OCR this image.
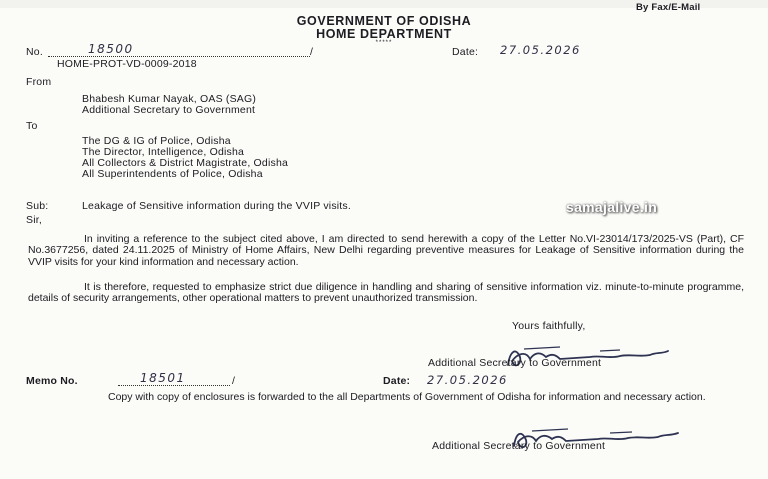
By Fax/E-Mail
GOVERNMENT OF ODISHA
HOME DEPARTMENT
*****
No.	18500	/
HOME-PROT-VD-0009-2018
Date: 27.05.2026
From
Bhabesh Kumar Nayak, OAS (SAG)
Additional Secretary to Government
To
The DG & IG of Police, Odisha
The Director, Intelligence, Odisha
All Collectors & District Magistrate, Odisha
All Superintendents of Police, Odisha
Sub:	Leakage of Sensitive information during the VVIP visits.	samajalive.in
Sir,
In inviting a reference to the subject cited above, I am directed to send herewith a copy of the Letter No.VI-23014/173/2025-VS (Part), CF No.3677256, dated 24.11.2025 of Ministry of Home Affairs, New Delhi regarding preventive measures for Leakage of Sensitive information during the VVIP visits for your kind information and necessary action.
It is therefore, requested to emphasize strict due diligence in handling and sharing of sensitive information viz. minute-to-minute programme, details of security arrangements, other operational matters to prevent unauthorized transmission.
Yours faithfully,
Additional Secretary to Government
Memo No.	18501	/	Date: 27.05.2026
Copy with copy of enclosures is forwarded to the all Departments of Government of Odisha for information and necessary action.
Additional Secretary to Government
